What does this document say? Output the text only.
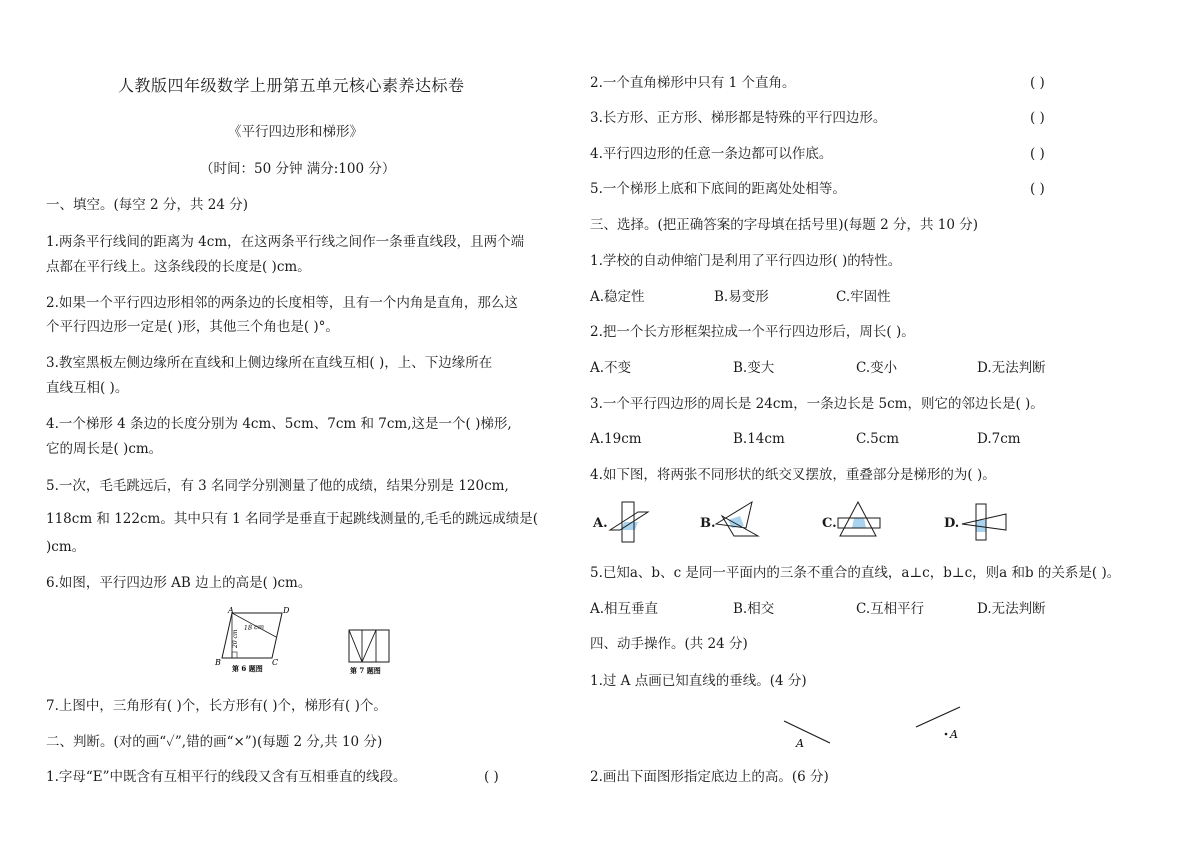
人教版四年级数学上册第五单元核心素养达标卷
《平行四边形和梯形》
（时间：50 分钟 满分:100 分）
一、填空。(每空 2 分，共 24 分)
1.两条平行线间的距离为 4cm，在这两条平行线之间作一条垂直线段，且两个端
点都在平行线上。这条线段的长度是( )cm。
2.如果一个平行四边形相邻的两条边的长度相等，且有一个内角是直角，那么这
个平行四边形一定是( )形，其他三个角也是( )°。
3.教室黑板左侧边缘所在直线和上侧边缘所在直线互相( )，上、下边缘所在
直线互相( )。
4.一个梯形 4 条边的长度分别为 4cm、5cm、7cm 和 7cm,这是一个( )梯形,
它的周长是( )cm。
5.一次，毛毛跳远后，有 3 名同学分别测量了他的成绩，结果分别是 120cm,
118cm 和 122cm。其中只有 1 名同学是垂直于起跳线测量的,毛毛的跳远成绩是(
)cm。
6.如图，平行四边形 AB 边上的高是( )cm。
A	D
B	C
18 cm
20 cm
第 6 题图	第 7 题图
7.上图中，三角形有( )个，长方形有( )个，梯形有( )个。
二、判断。(对的画“✓”,错的画“×”)(每题 2 分,共 10 分)
1.字母“E”中既含有互相平行的线段又含有互相垂直的线段。	( )
2.一个直角梯形中只有 1 个直角。	( )
3.长方形、正方形、梯形都是特殊的平行四边形。	( )
4.平行四边形的任意一条边都可以作底。	( )
5.一个梯形上底和下底间的距离处处相等。	( )
三、选择。(把正确答案的字母填在括号里)(每题 2 分，共 10 分)
1.学校的自动伸缩门是利用了平行四边形( )的特性。
A.稳定性	B.易变形	C.牢固性
2.把一个长方形框架拉成一个平行四边形后，周长( )。
A.不变	B.变大	C.变小	D.无法判断
3.一个平行四边形的周长是 24cm，一条边长是 5cm，则它的邻边长是( )。
A.19cm	B.14cm	C.5cm	D.7cm
4.如下图，将两张不同形状的纸交叉摆放，重叠部分是梯形的为( )。
A.	B.	C.	D.
5.已知a、b、c 是同一平面内的三条不重合的直线，a⊥c，b⊥c，则a 和b 的关系是( )。
A.相互垂直	B.相交	C.互相平行	D.无法判断
四、动手操作。(共 24 分)
1.过 A 点画已知直线的垂线。(4 分)
A
A
2.画出下面图形指定底边上的高。(6 分)
